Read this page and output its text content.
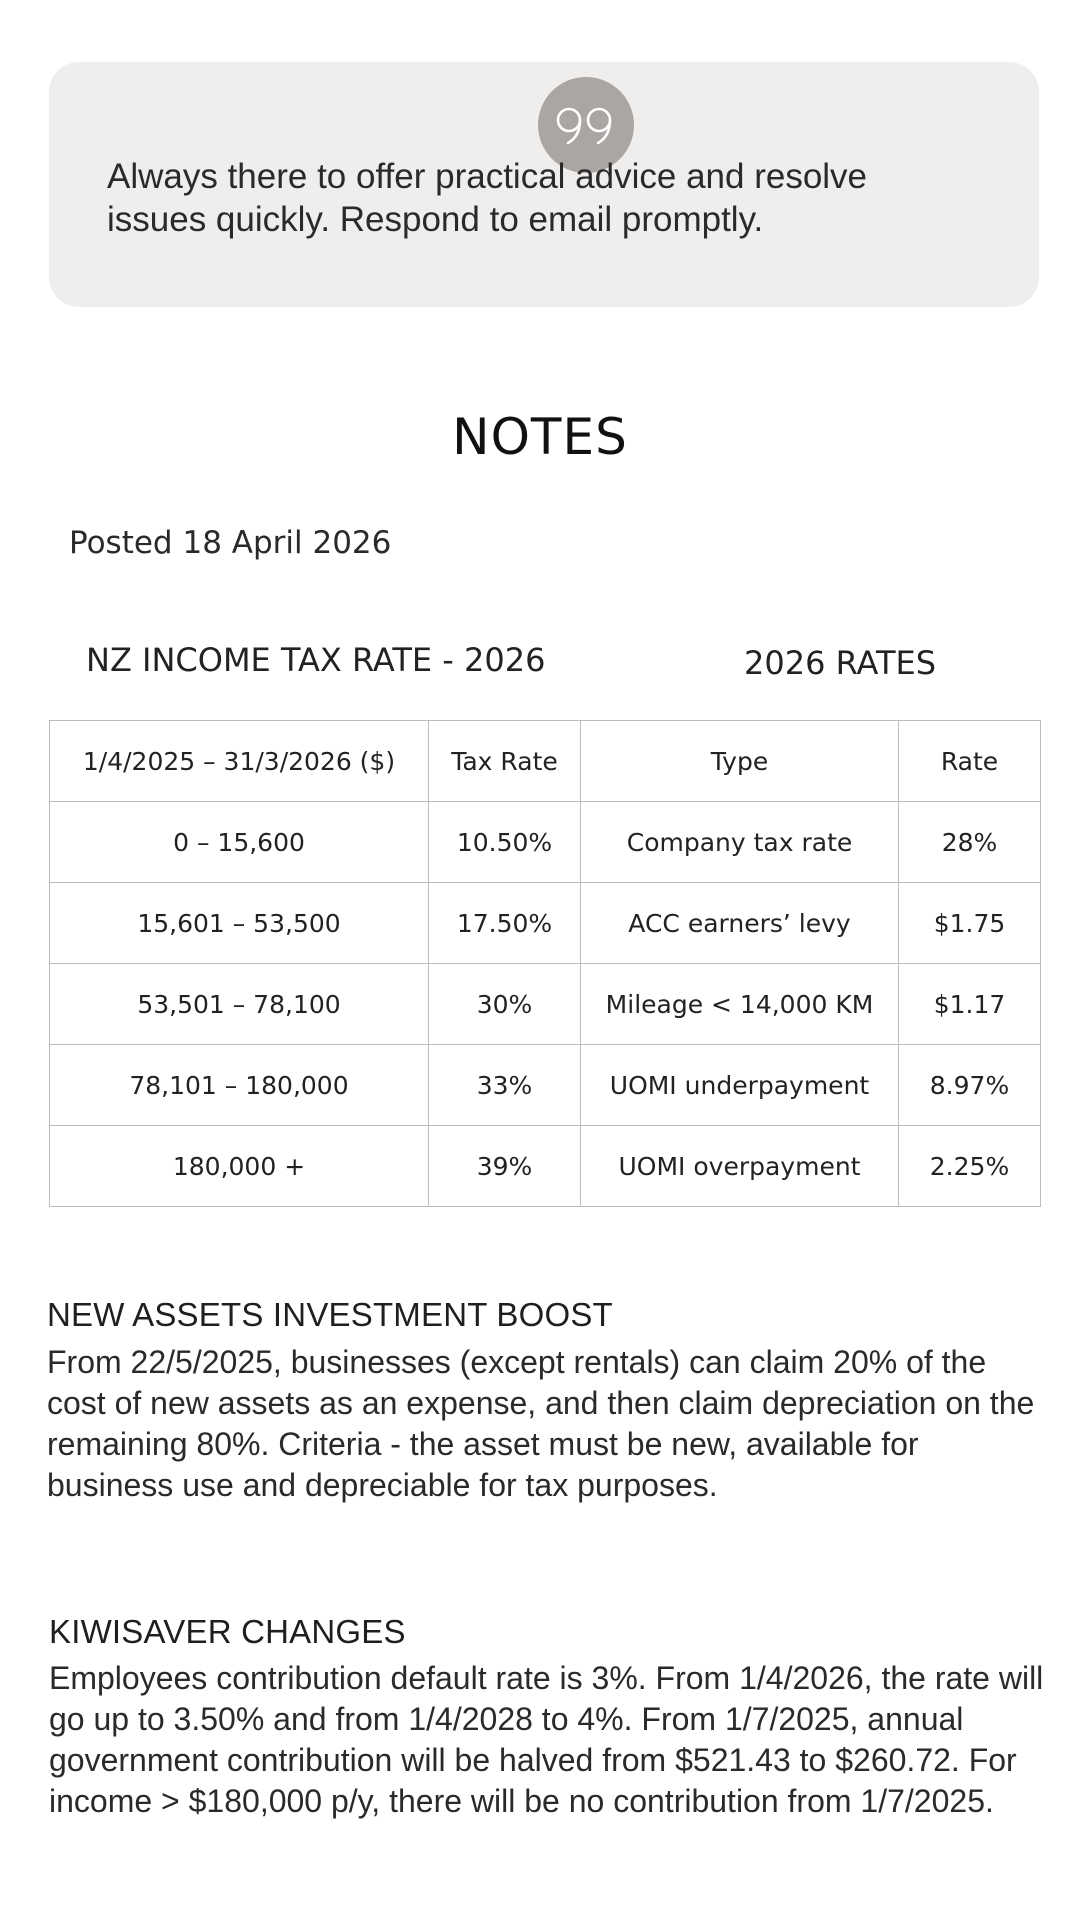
Always there to offer practical advice and resolve issues quickly. Respond to email promptly.

NOTES

Posted 18 April 2026

NZ INCOME TAX RATE - 2026	2026 RATES
1/4/2025 – 31/3/2026 ($)	Tax Rate	Type	Rate
0 – 15,600	10.50%	Company tax rate	28%
15,601 – 53,500	17.50%	ACC earners’ levy	$1.75
53,501 – 78,100	30%	Mileage < 14,000 KM	$1.17
78,101 – 180,000	33%	UOMI underpayment	8.97%
180,000 +	39%	UOMI overpayment	2.25%
NEW ASSETS INVESTMENT BOOST

From 22/5/2025, businesses (except rentals) can claim 20% of the cost of new assets as an expense, and then claim depreciation on the remaining 80%. Criteria - the asset must be new, available for business use and depreciable for tax purposes.

KIWISAVER CHANGES

Employees contribution default rate is 3%. From 1/4/2026, the rate will go up to 3.50% and from 1/4/2028 to 4%. From 1/7/2025, annual government contribution will be halved from $521.43 to $260.72. For income > $180,000 p/y, there will be no contribution from 1/7/2025.
